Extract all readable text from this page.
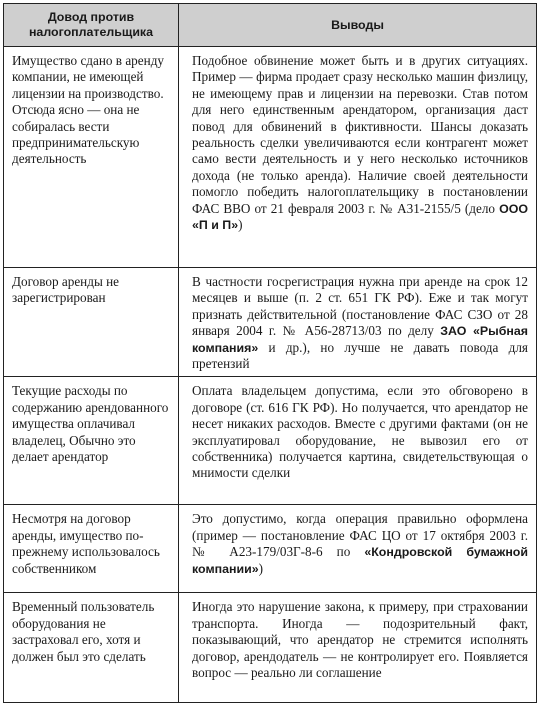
Довод против налогоплательщика	Выводы
Имущество сдано в аренду компании, не имеющей лицензии на производство. Отсюда ясно — она не собиралась вести предпринимательскую деятельность	Подобное обвинение может быть и в других ситуациях. Пример — фирма продает сразу несколько машин физлицу, не имеющему прав и лицензии на перевозки. Став потом для него единственным арендатором, организация даст повод для обвинений в фиктивности. Шансы доказать реальность сделки увеличиваются если контрагент может само вести деятельность и у него несколько источников дохода (не только аренда). Наличие своей деятельности помогло победить налогоплательщику в постановлении ФАС ВВО от 21 февраля 2003 г. № А31-2155/5 (дело ООО «П и П»)
Договор аренды не зарегистрирован	В частности госрегистрация нужна при аренде на срок 12 месяцев и выше (п. 2 ст. 651 ГК РФ). Еже и так могут признать действительной (постановление ФАС СЗО от 28 января 2004 г. № А56-28713/03 по делу ЗАО «Рыбная компания» и др.), но лучше не давать повода для претензий
Текущие расходы по содержанию арендованного имущества оплачивал владелец, Обычно это делает арендатор	Оплата владельцем допустима, если это обговорено в договоре (ст. 616 ГК РФ). Но получается, что арендатор не несет никаких расходов. Вместе с другими фактами (он не эксплуатировал оборудование, не вывозил его от собственника) получается картина, свидетельствующая о мнимости сделки
Несмотря на договор аренды, имущество по-прежнему использовалось собственником	Это допустимо, когда операция правильно оформлена (пример — постановление ФАС ЦО от 17 октября 2003 г. № А23-179/03Г-8-6 по «Кондровской бумажной компании»)
Временный пользователь оборудования не застраховал его, хотя и должен был это сделать	Иногда это нарушение закона, к примеру, при страховании транспорта. Иногда — подозрительный факт, показывающий, что арендатор не стремится исполнять договор, арендодатель — не контролирует его. Появляется вопрос — реально ли соглашение
